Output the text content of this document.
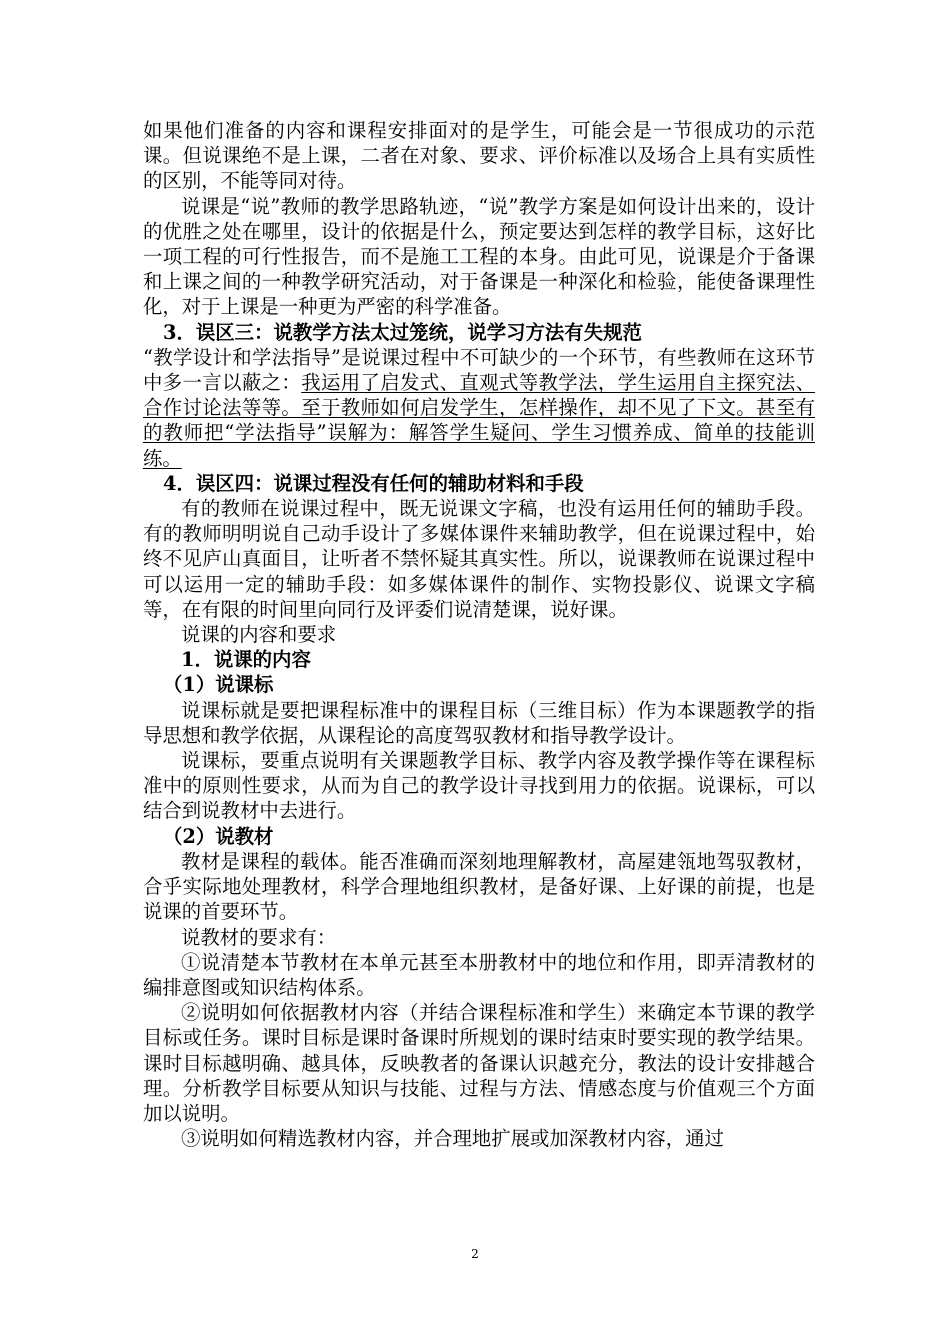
如果他们准备的内容和课程安排面对的是学生，可能会是一节很成功的示范课。但说课绝不是上课，二者在对象、要求、评价标准以及场合上具有实质性的区别，不能等同对待。

说课是“说”教师的教学思路轨迹，“说”教学方案是如何设计出来的，设计的优胜之处在哪里，设计的依据是什么，预定要达到怎样的教学目标，这好比一项工程的可行性报告，而不是施工工程的本身。由此可见，说课是介于备课和上课之间的一种教学研究活动，对于备课是一种深化和检验，能使备课理性化，对于上课是一种更为严密的科学准备。

3．误区三：说教学方法太过笼统，说学习方法有失规范

“教学设计和学法指导”是说课过程中不可缺少的一个环节，有些教师在这环节中多一言以蔽之：我运用了启发式、直观式等教学法，学生运用自主探究法、合作讨论法等等。至于教师如何启发学生，怎样操作，却不见了下文。甚至有的教师把“学法指导”误解为：解答学生疑问、学生习惯养成、简单的技能训练。

4．误区四：说课过程没有任何的辅助材料和手段

有的教师在说课过程中，既无说课文字稿，也没有运用任何的辅助手段。有的教师明明说自己动手设计了多媒体课件来辅助教学，但在说课过程中，始终不见庐山真面目，让听者不禁怀疑其真实性。所以，说课教师在说课过程中可以运用一定的辅助手段：如多媒体课件的制作、实物投影仪、说课文字稿等，在有限的时间里向同行及评委们说清楚课，说好课。

说课的内容和要求

1．说课的内容

（1）说课标

说课标就是要把课程标准中的课程目标（三维目标）作为本课题教学的指导思想和教学依据，从课程论的高度驾驭教材和指导教学设计。

说课标，要重点说明有关课题教学目标、教学内容及教学操作等在课程标准中的原则性要求，从而为自己的教学设计寻找到用力的依据。说课标，可以结合到说教材中去进行。

（2）说教材

教材是课程的载体。能否准确而深刻地理解教材，高屋建瓴地驾驭教材，合乎实际地处理教材，科学合理地组织教材，是备好课、上好课的前提，也是说课的首要环节。

说教材的要求有：

①说清楚本节教材在本单元甚至本册教材中的地位和作用，即弄清教材的编排意图或知识结构体系。

②说明如何依据教材内容（并结合课程标准和学生）来确定本节课的教学目标或任务。课时目标是课时备课时所规划的课时结束时要实现的教学结果。课时目标越明确、越具体，反映教者的备课认识越充分，教法的设计安排越合理。分析教学目标要从知识与技能、过程与方法、情感态度与价值观三个方面加以说明。

③说明如何精选教材内容，并合理地扩展或加深教材内容，通过

2
